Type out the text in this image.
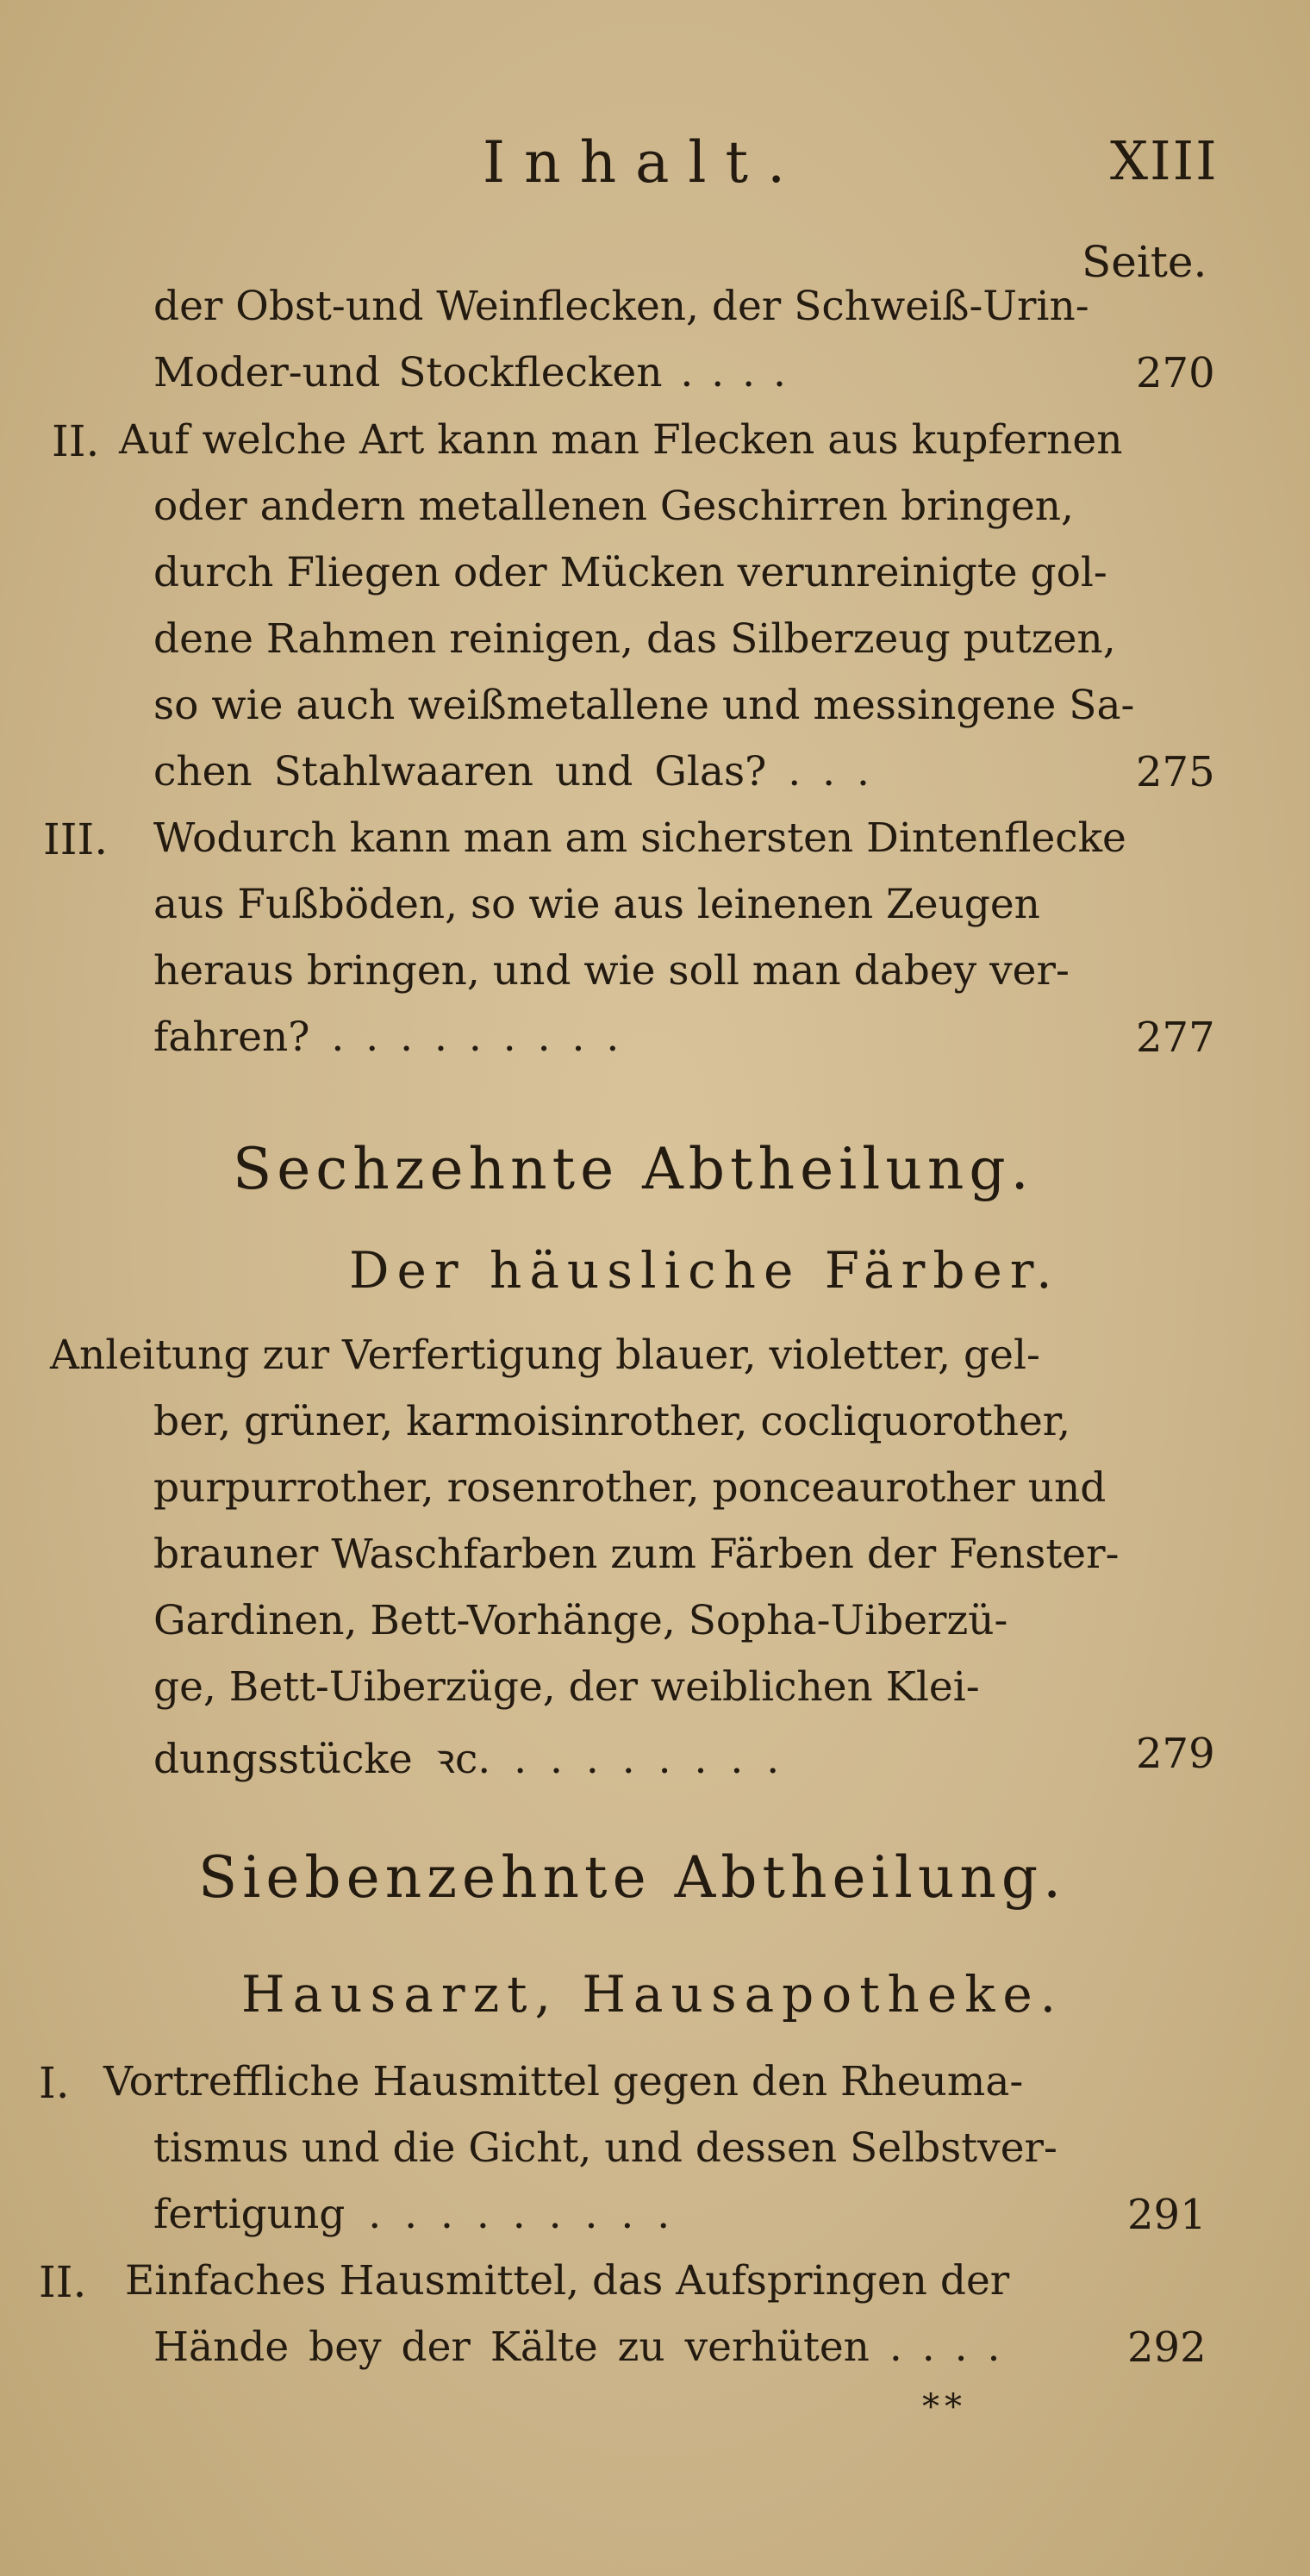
Inhalt.	XIII
Seite.
der Obst-und Weinflecken, der Schweiß-Urin-
Moder-und Stockflecken . . . .	270
II. Auf welche Art kann man Flecken aus kupfernen
oder andern metallenen Geschirren bringen,
durch Fliegen oder Mücken verunreinigte gol-
dene Rahmen reinigen, das Silberzeug putzen,
so wie auch weißmetallene und messingene Sa-
chen Stahlwaaren und Glas? . . .	275
III. Wodurch kann man am sichersten Dintenflecke
aus Fußböden, so wie aus leinenen Zeugen
heraus bringen, und wie soll man dabey ver-
fahren? . . . . . . . . .	277
Sechzehnte Abtheilung.
Der häusliche Färber.
Anleitung zur Verfertigung blauer, violetter, gel-
ber, grüner, karmoisinrother, cocliquorother,
purpurrother, rosenrother, ponceaurother und
brauner Waschfarben zum Färben der Fenster-
Gardinen, Bett-Vorhänge, Sopha-Uiberzü-
ge, Bett-Uiberzüge, der weiblichen Klei-
dungsstücke ꝛc. . . . . . . . .	279
Siebenzehnte Abtheilung.
Hausarzt, Hausapotheke.
I. Vortreffliche Hausmittel gegen den Rheuma-
tismus und die Gicht, und dessen Selbstver-
fertigung . . . . . . . . .	291
II. Einfaches Hausmittel, das Aufspringen der
Hände bey der Kälte zu verhüten . . . .	292
**
